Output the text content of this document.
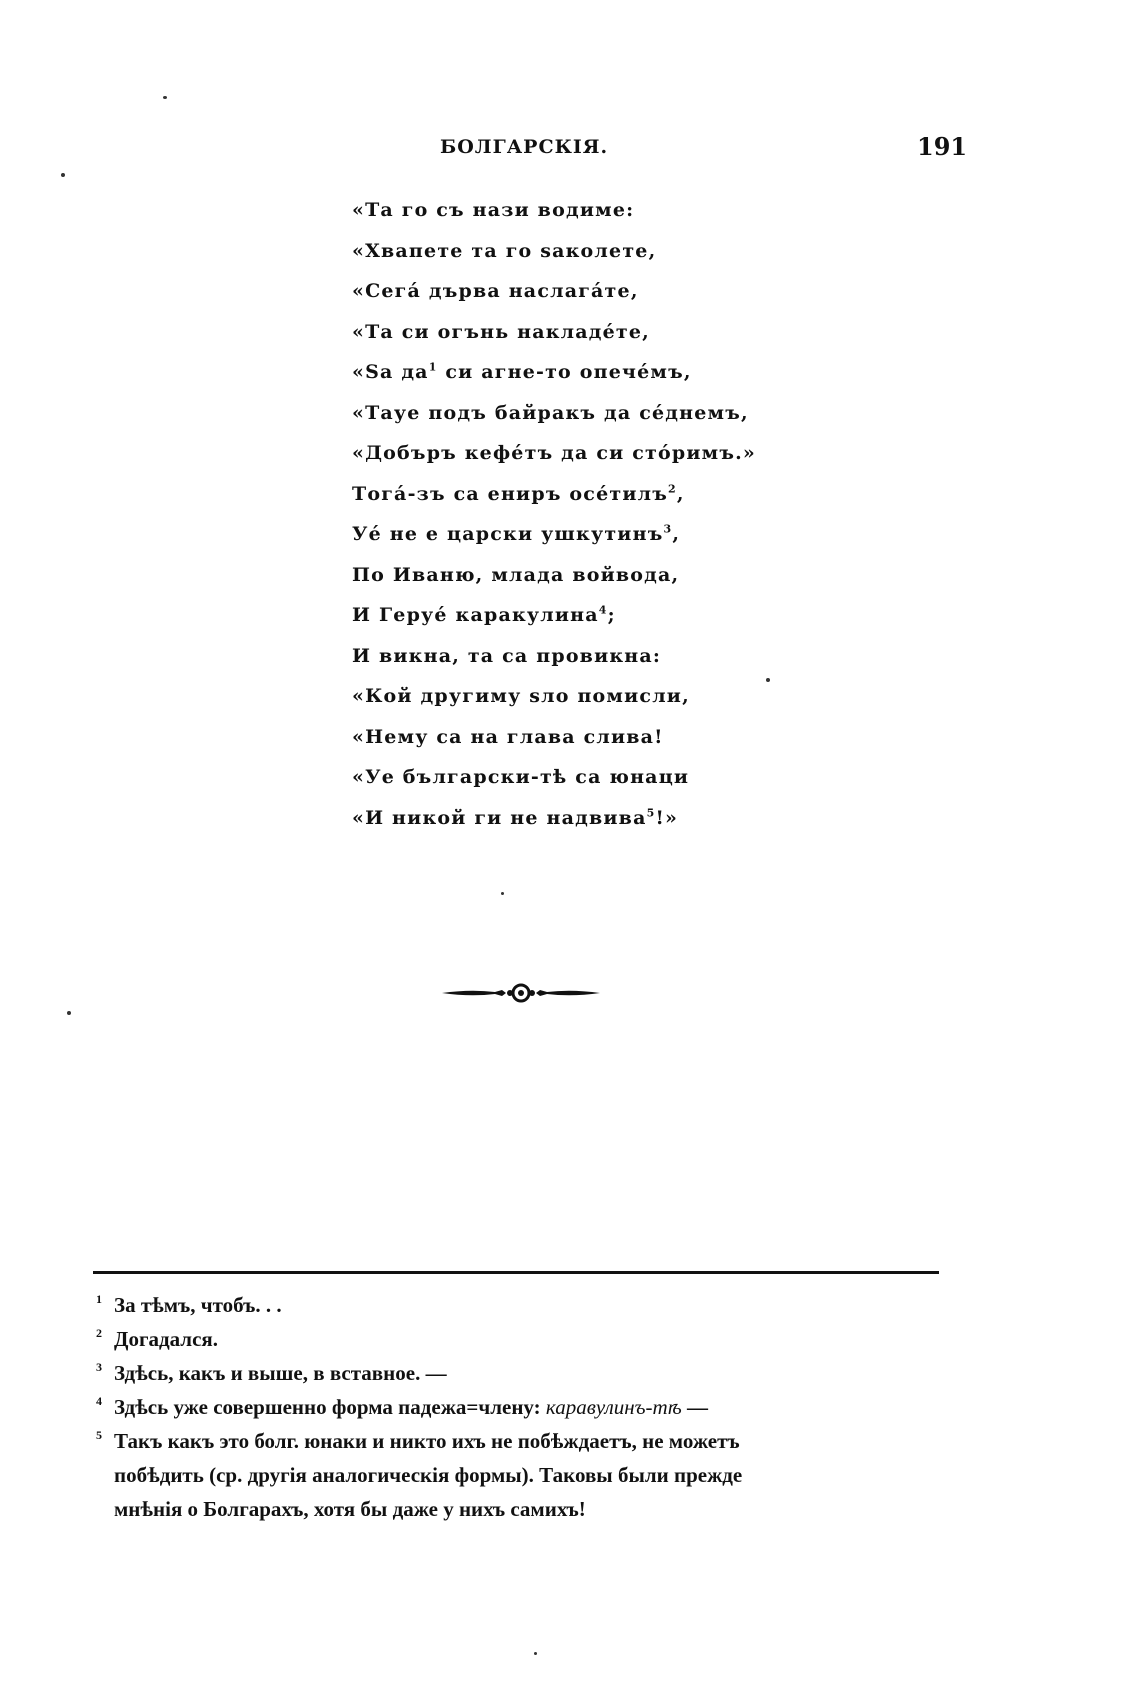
БОЛГАРСКІЯ.	191
«Та го съ нази водиме:
«Хвапете та го ѕаколете,
«Сегá дърва наслагáте,
«Та си огънь накладéте,
«Ѕа $да^1$ си агне-то опечéмъ,
«Тауе подъ байракъ да сéднемъ,
«Добъръ кефéтъ да си стóримъ.»
Тогá-зъ са ениръ осéтилъ$^2$,
Уé не е царски ушкутинъ$^3$,
По Иваню, млада войвода,
И Геруé каракулина$^4$;
И викна, та са провикна:
«Кой другиму ѕло помисли,
«Нему са на глава слива!
«Уе български-тѣ са юнаци
«И никой ги не надвива$^5$!»
1 За тѣмъ, чтобъ. . .
2 Догадался.
3 Здѣсь, какъ и выше, в вставное. —
4 Здѣсь уже совершенно форма падежа=члену: каравулинъ-тѣ —
5 Такъ какъ это болг. юнаки и никто ихъ не побѣждаетъ, не можетъ
побѣдить (ср. другія аналогическія формы). Таковы были прежде
мнѣнія о Болгарахъ, хотя бы даже у нихъ самихъ!
